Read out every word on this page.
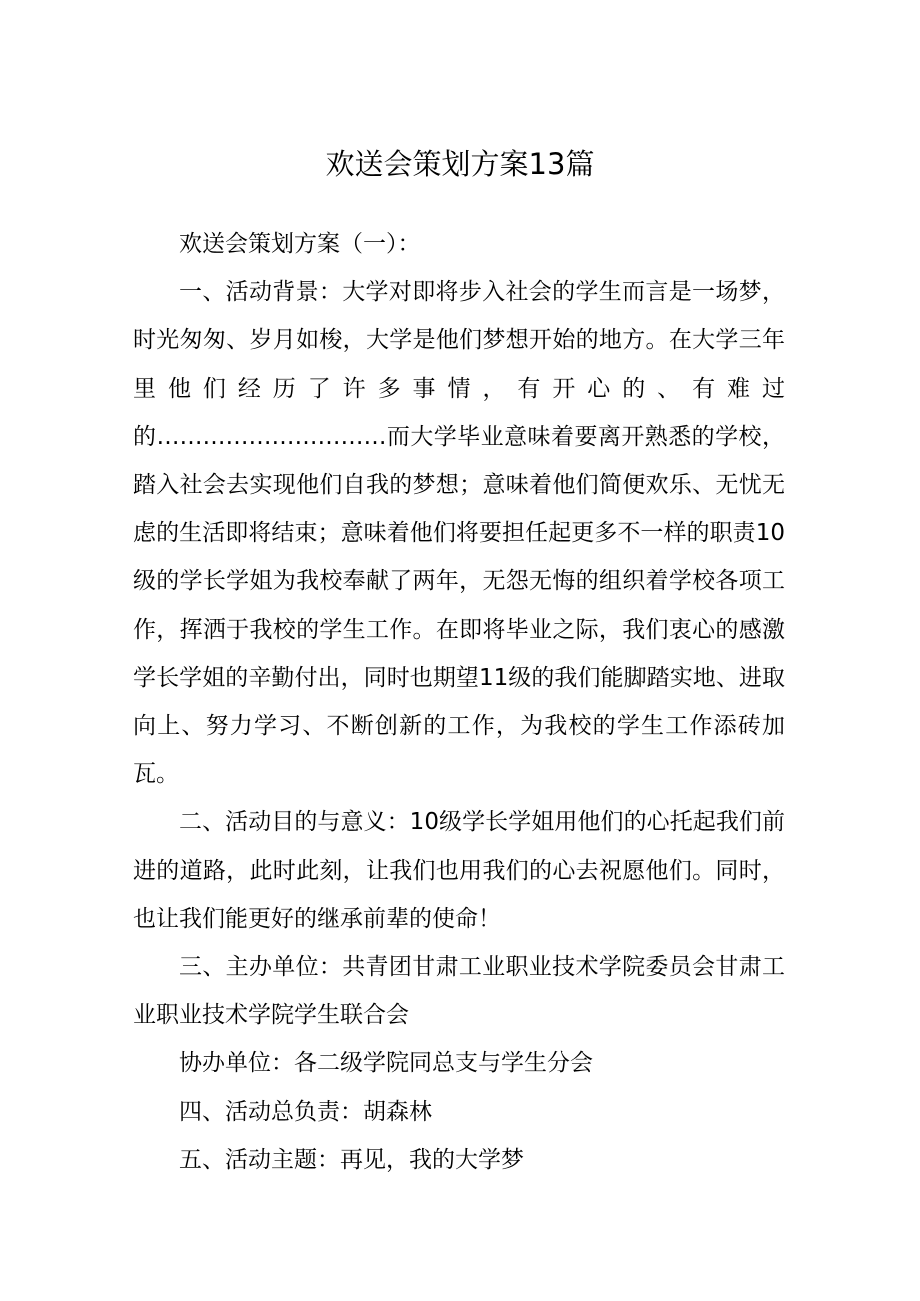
欢送会策划方案13篇

欢送会策划方案（一）：

一、活动背景：大学对即将步入社会的学生而言是一场梦，时光匆匆、岁月如梭，大学是他们梦想开始的地方。在大学三年里他们经历了许多事情，有开心的、有难过的…………………………而大学毕业意味着要离开熟悉的学校，踏入社会去实现他们自我的梦想；意味着他们简便欢乐、无忧无虑的生活即将结束；意味着他们将要担任起更多不一样的职责10级的学长学姐为我校奉献了两年，无怨无悔的组织着学校各项工作，挥洒于我校的学生工作。在即将毕业之际，我们衷心的感激学长学姐的辛勤付出，同时也期望11级的我们能脚踏实地、进取向上、努力学习、不断创新的工作，为我校的学生工作添砖加瓦。

二、活动目的与意义：10级学长学姐用他们的心托起我们前进的道路，此时此刻，让我们也用我们的心去祝愿他们。同时，也让我们能更好的继承前辈的使命！

三、主办单位：共青团甘肃工业职业技术学院委员会甘肃工业职业技术学院学生联合会

协办单位：各二级学院同总支与学生分会

四、活动总负责：胡森林

五、活动主题：再见，我的大学梦
